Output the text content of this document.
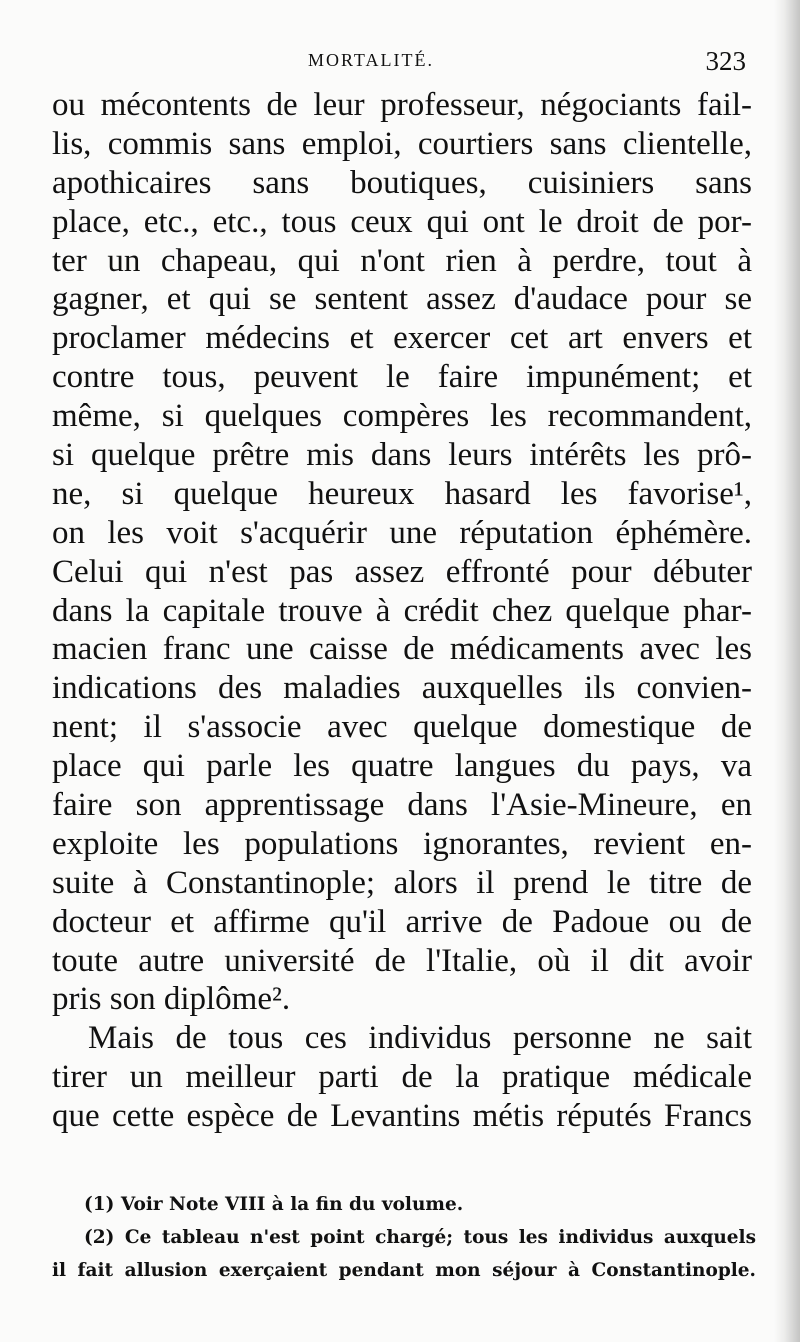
MORTALITÉ.	323
ou mécontents de leur professeur, négociants fail-
lis, commis sans emploi, courtiers sans clientelle,
apothicaires sans boutiques, cuisiniers sans
place, etc., etc., tous ceux qui ont le droit de por-
ter un chapeau, qui n'ont rien à perdre, tout à
gagner, et qui se sentent assez d'audace pour se
proclamer médecins et exercer cet art envers et
contre tous, peuvent le faire impunément; et
même, si quelques compères les recommandent,
si quelque prêtre mis dans leurs intérêts les prô-
ne, si quelque heureux hasard les favorise¹,
on les voit s'acquérir une réputation éphémère.
Celui qui n'est pas assez effronté pour débuter
dans la capitale trouve à crédit chez quelque phar-
macien franc une caisse de médicaments avec les
indications des maladies auxquelles ils convien-
nent; il s'associe avec quelque domestique de
place qui parle les quatre langues du pays, va
faire son apprentissage dans l'Asie-Mineure, en
exploite les populations ignorantes, revient en-
suite à Constantinople; alors il prend le titre de
docteur et affirme qu'il arrive de Padoue ou de
toute autre université de l'Italie, où il dit avoir
pris son diplôme².
Mais de tous ces individus personne ne sait
tirer un meilleur parti de la pratique médicale
que cette espèce de Levantins métis réputés Francs
(1) Voir Note VIII à la fin du volume.
(2) Ce tableau n'est point chargé; tous les individus auxquels
il fait allusion exerçaient pendant mon séjour à Constantinople.
